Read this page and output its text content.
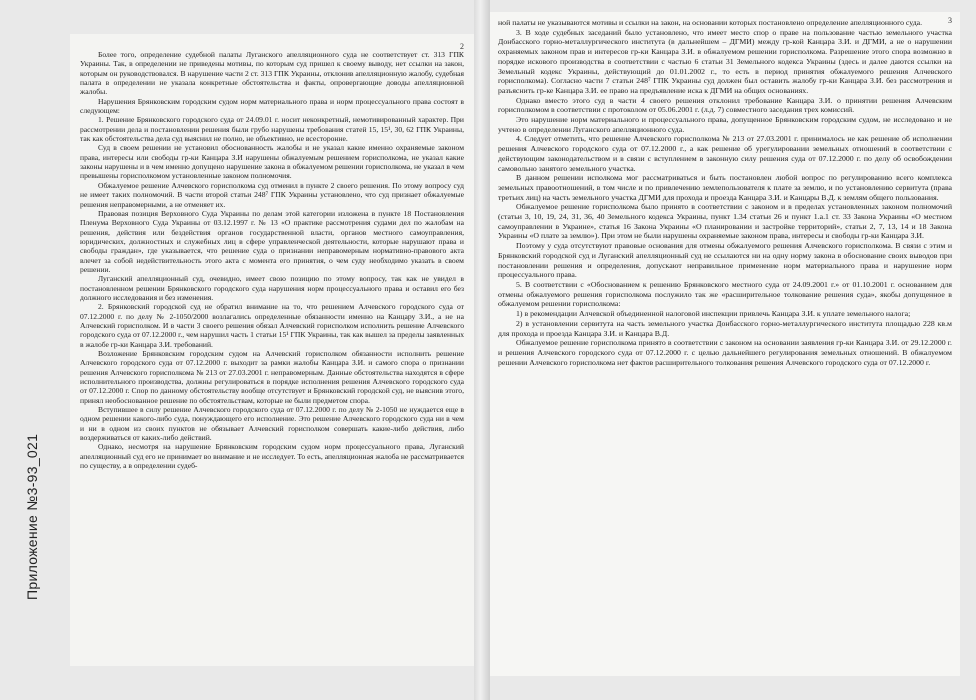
Приложение №3-93_021
2

Более того, определение судебной палаты Луганского апелляционного суда не соответствует ст. 313 ГПК Украины. Так, в определении не приведены мотивы, по которым суд пришел к своему выводу, нет ссылки на закон, которым он руководствовался. В нарушение части 2 ст. 313 ГПК Украины, отклонив апелляционную жалобу, судебная палата в определении не указала конкретные обстоятельства и факты, опровергающие доводы апелляционной жалобы.

Нарушения Брянковским городским судом норм материального права и норм процессуального права состоят в следующем:

1. Решение Брянковского городского суда от 24.09.01 г. носит неконкретный, немотивированный характер. При рассмотрении дела и постановлении решения были грубо нарушены требования статей 15, 15¹, 30, 62 ГПК Украины, так как обстоятельства дела суд выяснил не полно, не объективно, не всесторонне.

Суд в своем решении не установил обоснованность жалобы и не указал какие именно охраняемые законом права, интересы или свободы гр-ки Канцара З.И нарушены обжалуемым решением горисполкома, не указал какие законы нарушены и в чем именно допущено нарушение закона в обжалуемом решении горисполкома, не указал в чем превышены горисполкомом установленные законом полномочия.

Обжалуемое решение Алчевского горисполкома суд отменил в пункте 2 своего решения. По этому вопросу суд не имеет таких полномочий. В части второй статьи 248⁷ ГПК Украины установлено, что суд признает обжалуемые решения неправомерными, а не отменяет их.

Правовая позиция Верховного Суда Украины по делам этой категории изложена в пункте 18 Постановления Пленума Верховного Суда Украины от 03.12.1997 г. № 13 «О практике рассмотрения судами дел по жалобам на решения, действия или бездействия органов государственной власти, органов местного самоуправления, юридических, должностных и служебных лиц в сфере управленческой деятельности, которые нарушают права и свободы граждан», где указывается, что решение суда о признании неправомерным нормативно-правового акта влечет за собой недействительность этого акта с момента его принятия, о чем суду необходимо указать в своем решении.

Луганский апелляционный суд, очевидно, имеет свою позицию по этому вопросу, так как не увидел в постановленном решении Брянковского городского суда нарушения норм процессуального права и оставил его без должного исследования и без изменения.

2. Брянковский городской суд не обратил внимание на то, что решением Алчевского городского суда от 07.12.2000 г. по делу № 2-1050/2000 возлагались определенные обязанности именно на Канцару З.И., а не на Алчевский горисполком. И в части 3 своего решения обязал Алчевский горисполком исполнить решение Алчевского городского суда от 07.12.2000 г., чем нарушил часть 1 статьи 15¹ ГПК Украины, так как вышел за пределы заявленных в жалобе гр-ки Канцара З.И. требований.

Возложение Брянковским городским судом на Алчевский горисполком обязанности исполнить решение Алчевского городского суда от 07.12.2000 г. выходит за рамки жалобы Канцара З.И. и самого спора о признании решения Алчевского горисполкома № 213 от 27.03.2001 г. неправомерным. Данные обстоятельства находятся в сфере исполнительного производства, должны регулироваться в порядке исполнения решения Алчевского городского суда от 07.12.2000 г. Спор по данному обстоятельству вообще отсутствует и Брянковский городской суд, не выяснив этого, принял необоснованное решение по обстоятельствам, которые не были предметом спора.

Вступившее в силу решение Алчевского городского суда от 07.12.2000 г. по делу № 2-1050 не нуждается еще в одном решении какого-либо суда, понуждающего его исполнение. Это решение Алчевского городского суда ни в чем и ни в одном из своих пунктов не обязывает Алчевский горисполком совершать какие-либо действия, либо воздерживаться от каких-либо действий.

Однако, несмотря на нарушение Брянковским городским судом норм процессуального права, Луганский апелляционный суд его не принимает во внимание и не исследует. То есть, апелляционная жалоба не рассматривается по существу, а в определении судеб-

3

ной палаты не указываются мотивы и ссылки на закон, на основании которых постановлено определение апелляционного суда.

3. В ходе судебных заседаний было установлено, что имеет место спор о праве на пользование частью земельного участка Донбасского горно-металлургического института (в дальнейшем – ДГМИ) между гр-кой Канцара З.И. и ДГМИ, а не о нарушении охраняемых законом прав и интересов гр-ки Канцара З.И. в обжалуемом решении горисполкома. Разрешение этого спора возможно в порядке искового производства в соответствии с частью 6 статьи 31 Земельного кодекса Украины (здесь и далее даются ссылки на Земельный кодекс Украины, действующий до 01.01.2002 г., то есть в период принятия обжалуемого решения Алчевского горисполкома). Согласно части 7 статьи 248⁷ ГПК Украины суд должен был оставить жалобу гр-ки Канцара З.И. без рассмотрения и разъяснить гр-ке Канцара З.И. ее право на предъявление иска к ДГМИ на общих основаниях.

Однако вместо этого суд в части 4 своего решения отклонил требование Канцара З.И. о принятии решения Алчевским горисполкомом в соответствии с протоколом от 05.06.2001 г. (л.д. 7) совместного заседания трех комиссий.

Это нарушение норм материального и процессуального права, допущенное Брянковским городским судом, не исследовано и не учтено в определении Луганского апелляционного суда.

4. Следует отметить, что решение Алчевского горисполкома № 213 от 27.03.2001 г. принималось не как решение об исполнении решения Алчевского городского суда от 07.12.2000 г., а как решение об урегулировании земельных отношений в соответствии с действующим законодательством и в связи с вступлением в законную силу решения суда от 07.12.2000 г. по делу об освобождении самовольно занятого земельного участка.

В данном решении исполкома мог рассматриваться и быть постановлен любой вопрос по регулированию всего комплекса земельных правоотношений, в том числе и по привлечению землепользователя к плате за землю, и по установлению сервитута (права третьих лиц) на часть земельного участка ДГМИ для прохода и проезда Канцара З.И. и Канцары В.Д. к землям общего пользования.

Обжалуемое решение горисполкома было принято в соответствии с законом и в пределах установленных законом полномочий (статьи 3, 10, 19, 24, 31, 36, 40 Земельного кодекса Украины, пункт 1.34 статьи 26 и пункт 1.а.1 ст. 33 Закона Украины «О местном самоуправлении в Украине», статья 16 Закона Украины «О планировании и застройке территорий», статьи 2, 7, 13, 14 и 18 Закона Украины «О плате за землю»). При этом не были нарушены охраняемые законом права, интересы и свободы гр-ки Канцара З.И.

Поэтому у суда отсутствуют правовые основания для отмены обжалуемого решения Алчевского горисполкома. В связи с этим и Брянковский городской суд и Луганский апелляционный суд не ссылаются ни на одну норму закона в обоснование своих выводов при постановлении решения и определения, допускают неправильное применение норм материального права и нарушение норм процессуального права.

5. В соответствии с «Обоснованием к решению Брянковского местного суда от 24.09.2001 г.» от 01.10.2001 г. основанием для отмены обжалуемого решения горисполкома послужило так же «расширительное толкование решения суда», якобы допущенное в обжалуемом решении горисполкома:

1) в рекомендации Алчевской объединенной налоговой инспекции привлечь Канцара З.И. к уплате земельного налога;

2) в установлении сервитута на часть земельного участка Донбасского горно-металлургического института площадью 228 кв.м для прохода и проезда Канцара З.И. и Канцара В.Д.

Обжалуемое решение горисполкома принято в соответствии с законом на основании заявления гр-ки Канцара З.И. от 29.12.2000 г. и решения Алчевского городского суда от 07.12.2000 г. с целью дальнейшего регулирования земельных отношений. В обжалуемом решении Алчевского горисполкома нет фактов расширительного толкования решения Алчевского городского суда от 07.12.2000 г.
